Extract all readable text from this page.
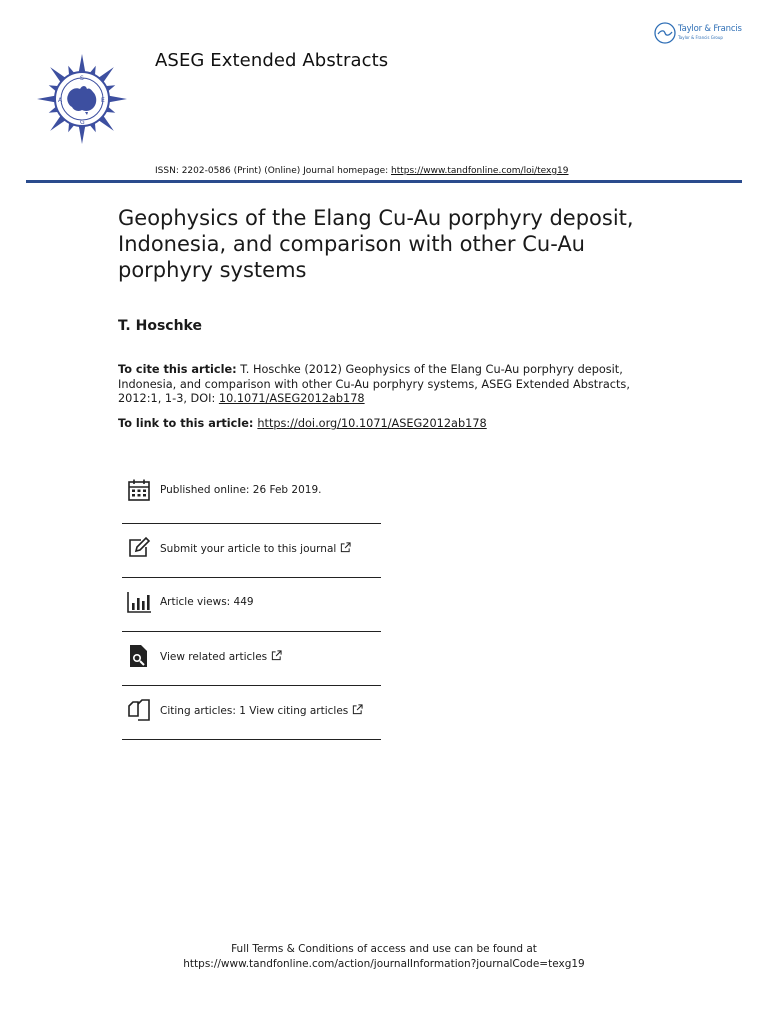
A
S
E
G
ASEG Extended Abstracts
Taylor & Francis
Taylor & Francis Group
ISSN: 2202-0586 (Print) (Online) Journal homepage: https://www.tandfonline.com/loi/texg19
Geophysics of the Elang Cu-Au porphyry deposit, Indonesia, and comparison with other Cu-Au porphyry systems
T. Hoschke
To cite this article: T. Hoschke (2012) Geophysics of the Elang Cu-Au porphyry deposit, Indonesia, and comparison with other Cu-Au porphyry systems, ASEG Extended Abstracts, 2012:1, 1-3, DOI: 10.1071/ASEG2012ab178
To link to this article: https://doi.org/10.1071/ASEG2012ab178
Published online: 26 Feb 2019.
Submit your article to this journal
Article views: 449
View related articles
Citing articles: 1 View citing articles
Full Terms & Conditions of access and use can be found at
https://www.tandfonline.com/action/journalInformation?journalCode=texg19
